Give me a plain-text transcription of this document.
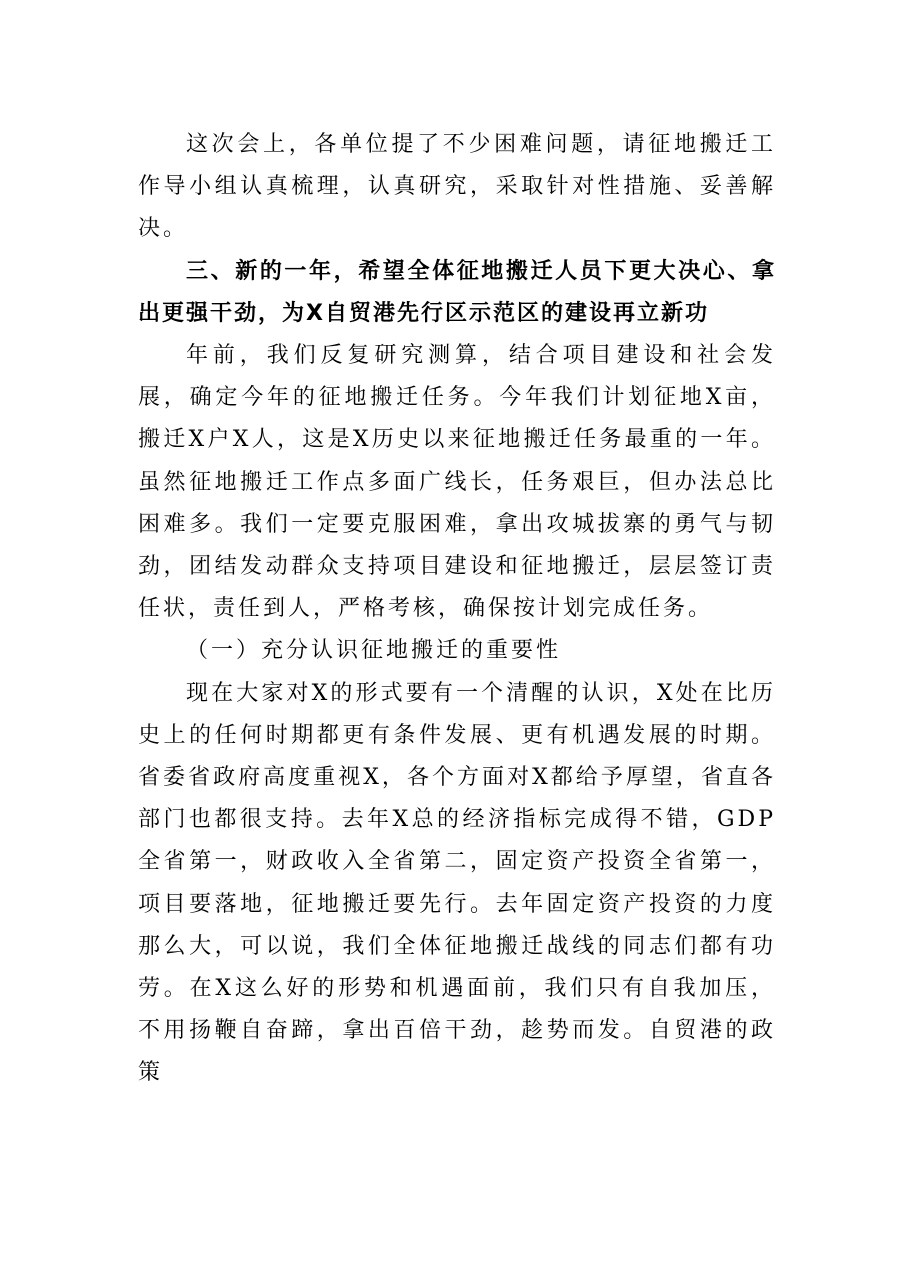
这次会上，各单位提了不少困难问题，请征地搬迁工作导小组认真梳理，认真研究，采取针对性措施、妥善解决。

三、新的一年，希望全体征地搬迁人员下更大决心、拿出更强干劲，为X自贸港先行区示范区的建设再立新功

年前，我们反复研究测算，结合项目建设和社会发展，确定今年的征地搬迁任务。今年我们计划征地X亩，搬迁X户X人，这是X历史以来征地搬迁任务最重的一年。虽然征地搬迁工作点多面广线长，任务艰巨，但办法总比困难多。我们一定要克服困难，拿出攻城拔寨的勇气与韧劲，团结发动群众支持项目建设和征地搬迁，层层签订责任状，责任到人，严格考核，确保按计划完成任务。

（一）充分认识征地搬迁的重要性

现在大家对X的形式要有一个清醒的认识，X处在比历史上的任何时期都更有条件发展、更有机遇发展的时期。省委省政府高度重视X，各个方面对X都给予厚望，省直各部门也都很支持。去年X总的经济指标完成得不错，GDP全省第一，财政收入全省第二，固定资产投资全省第一，项目要落地，征地搬迁要先行。去年固定资产投资的力度那么大，可以说，我们全体征地搬迁战线的同志们都有功劳。在X这么好的形势和机遇面前，我们只有自我加压，不用扬鞭自奋蹄，拿出百倍干劲，趁势而发。自贸港的政策
